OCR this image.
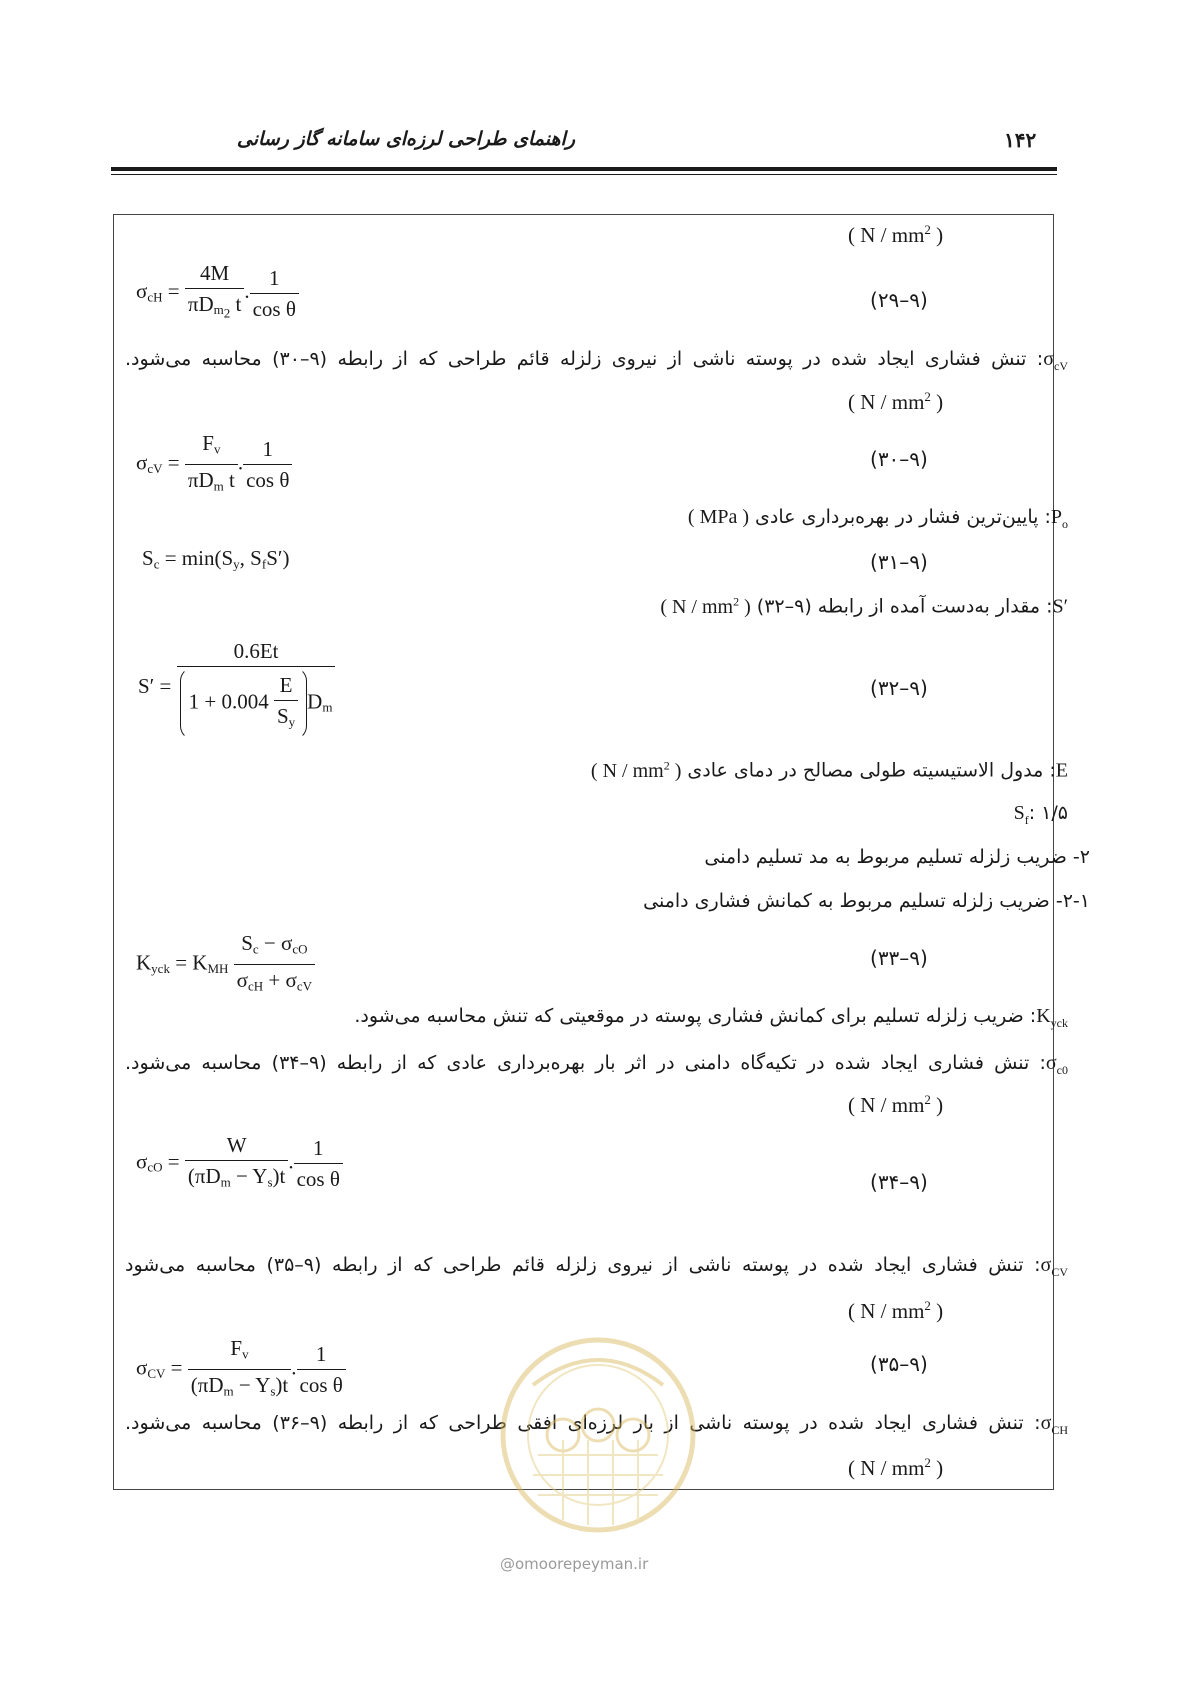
راهنمای طراحی لرزه‌ای سامانه گاز رسانی	۱۴۲
( N / $mm^2$ )
$\sigma_{cH} = \frac{4M}{\pi D_{m_2} t}$ . $\frac{1}{\text{cos θ}}$	(۹–۲۹)
$\sigma_{cV}$: تنش فشاری ایجاد شده در پوسته ناشی از نیروی زلزله قائم طراحی که از رابطه (۹–۳۰) محاسبه می‌شود.
( N / $mm^2$ )
$\sigma_{cV} = \frac{F_v}{\pi D_m t}$ . $\frac{1}{\text{cos θ}}$	(۹–۳۰)
$P_o$: پایین‌ترین فشار در بهره‌برداری عادی ( MPa )
$S_c = \min(S_y$, $S_fS'$)	(۹–۳۱)
S′: مقدار به‌دست آمده از رابطه (۹–۳۲) ( N / $mm^2$ )
$S' = \frac{0.6Et}{1 + 0.004 \frac{E}{S_y} D_m}$	(۹–۳۲)
E: مدول الاستیسیته طولی مصالح در دمای عادی ( N / $mm^2$ )
$S_f$: ۱/۵
۲- ضریب زلزله تسلیم مربوط به مد تسلیم دامنی
۲-۱- ضریب زلزله تسلیم مربوط به کمانش فشاری دامنی
$K_{yck} = K_{MH} \frac{S_c - \sigma_{cO}}{\sigma_{cH} + \sigma_{cV}}$	(۹–۳۳)
$K_{yck}$: ضریب زلزله تسلیم برای کمانش فشاری پوسته در موقعیتی که تنش محاسبه می‌شود.
$\sigma_{c0}$: تنش فشاری ایجاد شده در تکیه‌گاه دامنی در اثر بار بهره‌برداری عادی که از رابطه (۹–۳۴) محاسبه می‌شود.
( N / $mm^2$ )
$\sigma_{cO} = \frac{W}{(\pi D_m - Y_s)t}$ . $\frac{1}{\text{cos θ}}$	(۹–۳۴)
$\sigma_{CV}$: تنش فشاری ایجاد شده در پوسته ناشی از نیروی زلزله قائم طراحی که از رابطه (۹–۳۵) محاسبه می‌شود
( N / $mm^2$ )
$\sigma_{CV} = \frac{F_v}{(\pi D_m - Y_s)t}$ . $\frac{1}{\text{cos θ}}$	(۹–۳۵)
$\sigma_{CH}$: تنش فشاری ایجاد شده در پوسته ناشی از بار لرزه‌ای افقی طراحی که از رابطه (۹–۳۶) محاسبه می‌شود.
( N / $mm^2$ )
@omoorepeyman.ir
